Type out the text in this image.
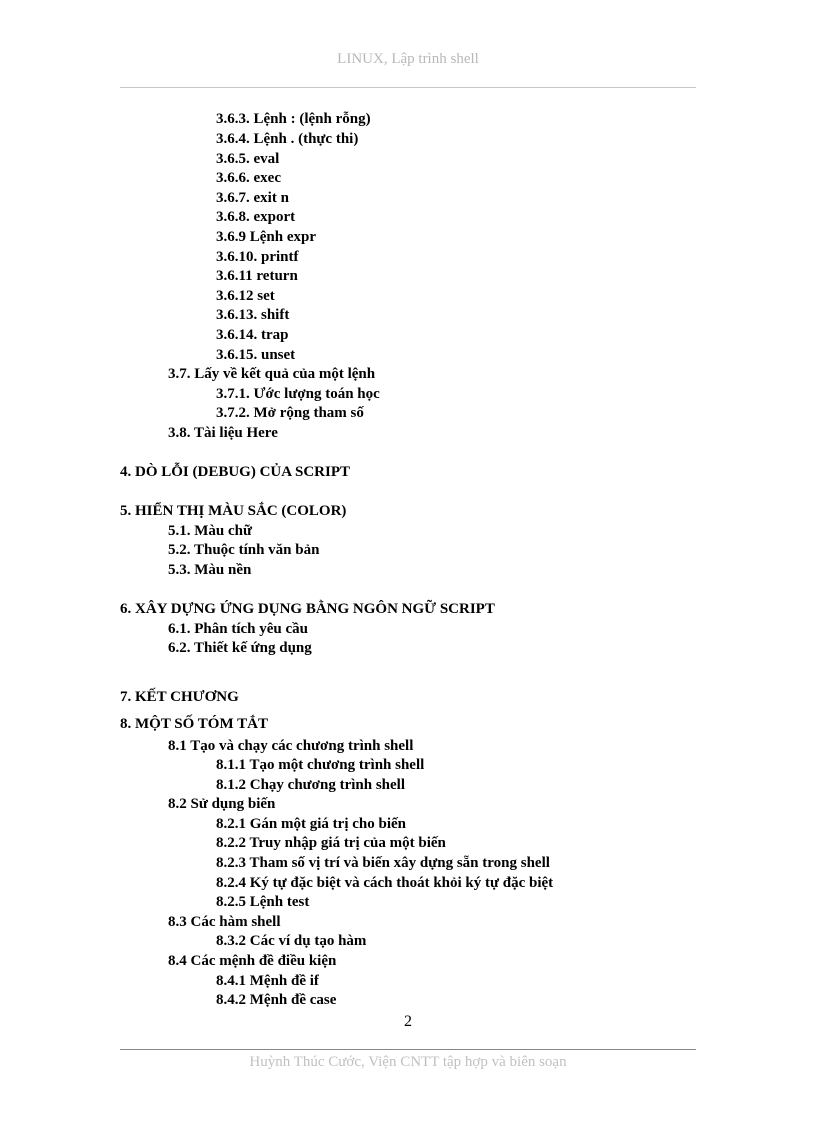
LINUX, Lập trình shell
3.6.3. Lệnh : (lệnh rỗng)
3.6.4. Lệnh . (thực thi)
3.6.5. eval
3.6.6. exec
3.6.7. exit n
3.6.8. export
3.6.9 Lệnh expr
3.6.10. printf
3.6.11 return
3.6.12 set
3.6.13. shift
3.6.14. trap
3.6.15. unset
3.7. Lấy về kết quả của một lệnh
3.7.1. Ước lượng toán học
3.7.2. Mở rộng tham số
3.8. Tài liệu Here
4. DÒ LỖI (DEBUG) CỦA SCRIPT
5. HIỂN THỊ MÀU SẮC (COLOR)
5.1. Màu chữ
5.2. Thuộc tính văn bản
5.3. Màu nền
6. XÂY DỰNG ỨNG DỤNG BẰNG NGÔN NGỮ SCRIPT
6.1. Phân tích yêu cầu
6.2. Thiết kế ứng dụng
7. KẾT CHƯƠNG
8. MỘT SỐ TÓM TẮT
8.1 Tạo và chạy các chương trình shell
8.1.1 Tạo một chương trình shell
8.1.2 Chạy chương trình shell
8.2 Sử dụng biến
8.2.1 Gán một giá trị cho biến
8.2.2 Truy nhập giá trị của một biến
8.2.3 Tham số vị trí và biến xây dựng sẵn trong shell
8.2.4 Ký tự đặc biệt và cách thoát khỏi ký tự đặc biệt
8.2.5 Lệnh test
8.3 Các hàm shell
8.3.2 Các ví dụ tạo hàm
8.4 Các mệnh đề điều kiện
8.4.1 Mệnh đề if
8.4.2 Mệnh đề case
2
Huỳnh Thúc Cước, Viện CNTT tập hợp và biên soạn
